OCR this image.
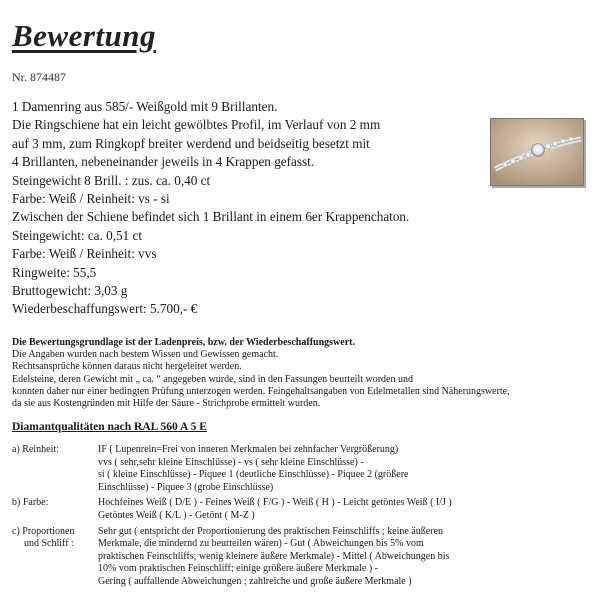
Bewertung
Nr. 874487
1 Damenring aus 585/- Weißgold mit 9 Brillanten.
Die Ringschiene hat ein leicht gewölbtes Profil, im Verlauf von 2 mm
auf 3 mm, zum Ringkopf breiter werdend und beidseitig besetzt mit
4 Brillanten, nebeneinander jeweils in 4 Krappen gefasst.
Steingewicht 8 Brill. : zus. ca. 0,40 ct
Farbe: Weiß / Reinheit: vs - si
Zwischen der Schiene befindet sich 1 Brillant in einem 6er Krappenchaton.
Steingewicht: ca. 0,51 ct
Farbe: Weiß / Reinheit: vvs
Ringweite: 55,5
Bruttogewicht: 3,03 g
Wiederbeschaffungswert: 5.700,- €
Die Bewertungsgrundlage ist der Ladenpreis, bzw. der Wiederbeschaffungswert.
Die Angaben wurden nach bestem Wissen und Gewissen gemacht.
Rechtsansprüche können daraus nicht hergeleitet werden.
Edelsteine, deren Gewicht mit „ ca. “ angegeben wurde, sind in den Fassungen beurteilt worden und
konnten daher nur einer bedingten Prüfung unterzogen werden. Feingehaltsangaben von Edelmetallen sind Näherungswerte,
da sie aus Kostengründen mit Hilfe der Säure - Strichprobe ermittelt wurden.
Diamantqualitäten nach RAL 560 A 5 E
a) Reinheit:	IF ( Lupenrein=Frei von inneren Merkmalen bei zehnfacher Vergrößerung)
vvs ( sehr,sehr kleine Einschlüsse) - vs ( sehr kleine Einschlüsse) -
si ( kleine Einschlüsse) - Piquee 1 (deutliche Einschlüsse) - Piquee 2 (größere
Einschlüsse) - Piquee 3 (grobe Einschlüsse)
b) Farbe:	Hochfeines Weiß ( D/E ) - Feines Weiß ( F/G ) - Weiß ( H ) - Leicht getöntes Weiß ( I/J )
Getöntes Weiß ( K/L ) - Getönt ( M-Z )
c) Proportionen
und Schliff :
Sehr gut ( entspricht der Proportionierung des praktischen Feinschliffs ; keine äußeren
Merkmale, die mindernd zu beurteilen wären) - Gut ( Abweichungen bis 5% vom
praktischen Feinschliffs; wenig kleinere äußere Merkmale) - Mittel ( Abweichungen bis
10% vom praktischen Feinschliff; einige größere äußere Merkmale ) -
Gering ( auffallende Abweichungen ; zahlreiche und große äußere Merkmale )
